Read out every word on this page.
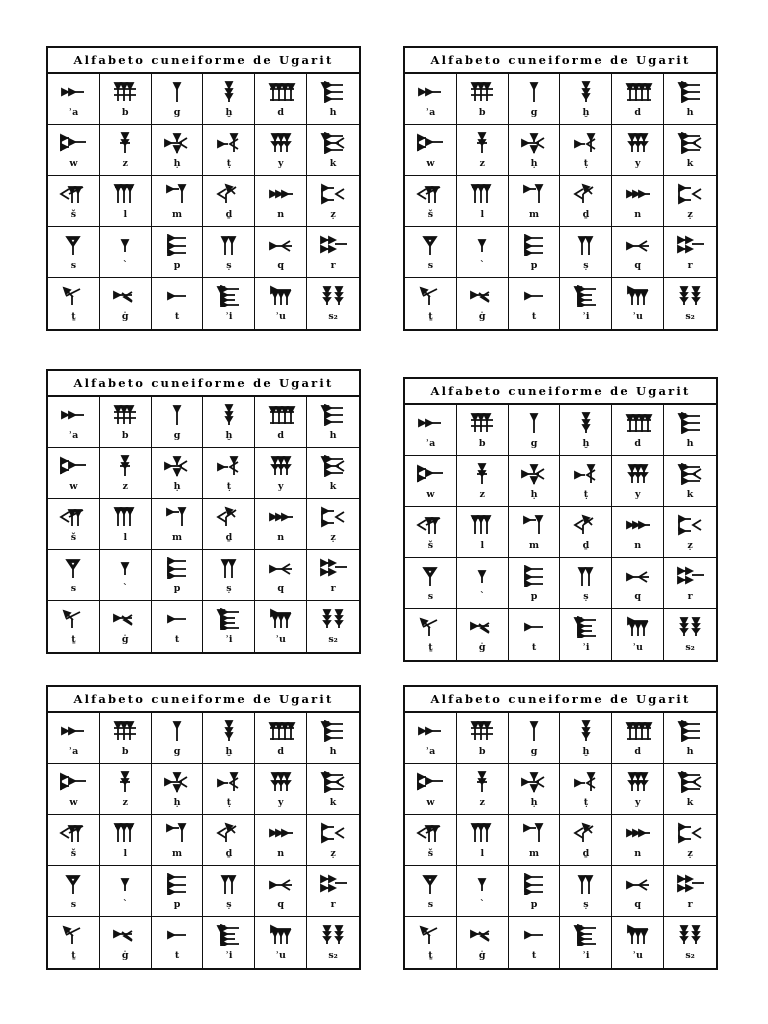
Alfabeto cuneiforme de Ugarit
ʾa	b	g	ḫ	d	h
w	z	ḥ	ṭ	y	k
š	l	m	ḏ	n	ẓ
s	ˋ	p	ṣ	q	r
ṯ	ġ	t	ʾi	ʾu	s₂
Alfabeto cuneiforme de Ugarit
ʾa	b	g	ḫ	d	h
w	z	ḥ	ṭ	y	k
š	l	m	ḏ	n	ẓ
s	ˋ	p	ṣ	q	r
ṯ	ġ	t	ʾi	ʾu	s₂
Alfabeto cuneiforme de Ugarit
ʾa	b	g	ḫ	d	h
w	z	ḥ	ṭ	y	k
š	l	m	ḏ	n	ẓ
s	ˋ	p	ṣ	q	r
ṯ	ġ	t	ʾi	ʾu	s₂
Alfabeto cuneiforme de Ugarit
ʾa	b	g	ḫ	d	h
w	z	ḥ	ṭ	y	k
š	l	m	ḏ	n	ẓ
s	ˋ	p	ṣ	q	r
ṯ	ġ	t	ʾi	ʾu	s₂
Alfabeto cuneiforme de Ugarit
ʾa	b	g	ḫ	d	h
w	z	ḥ	ṭ	y	k
š	l	m	ḏ	n	ẓ
s	ˋ	p	ṣ	q	r
ṯ	ġ	t	ʾi	ʾu	s₂
Alfabeto cuneiforme de Ugarit
ʾa	b	g	ḫ	d	h
w	z	ḥ	ṭ	y	k
š	l	m	ḏ	n	ẓ
s	ˋ	p	ṣ	q	r
ṯ	ġ	t	ʾi	ʾu	s₂
